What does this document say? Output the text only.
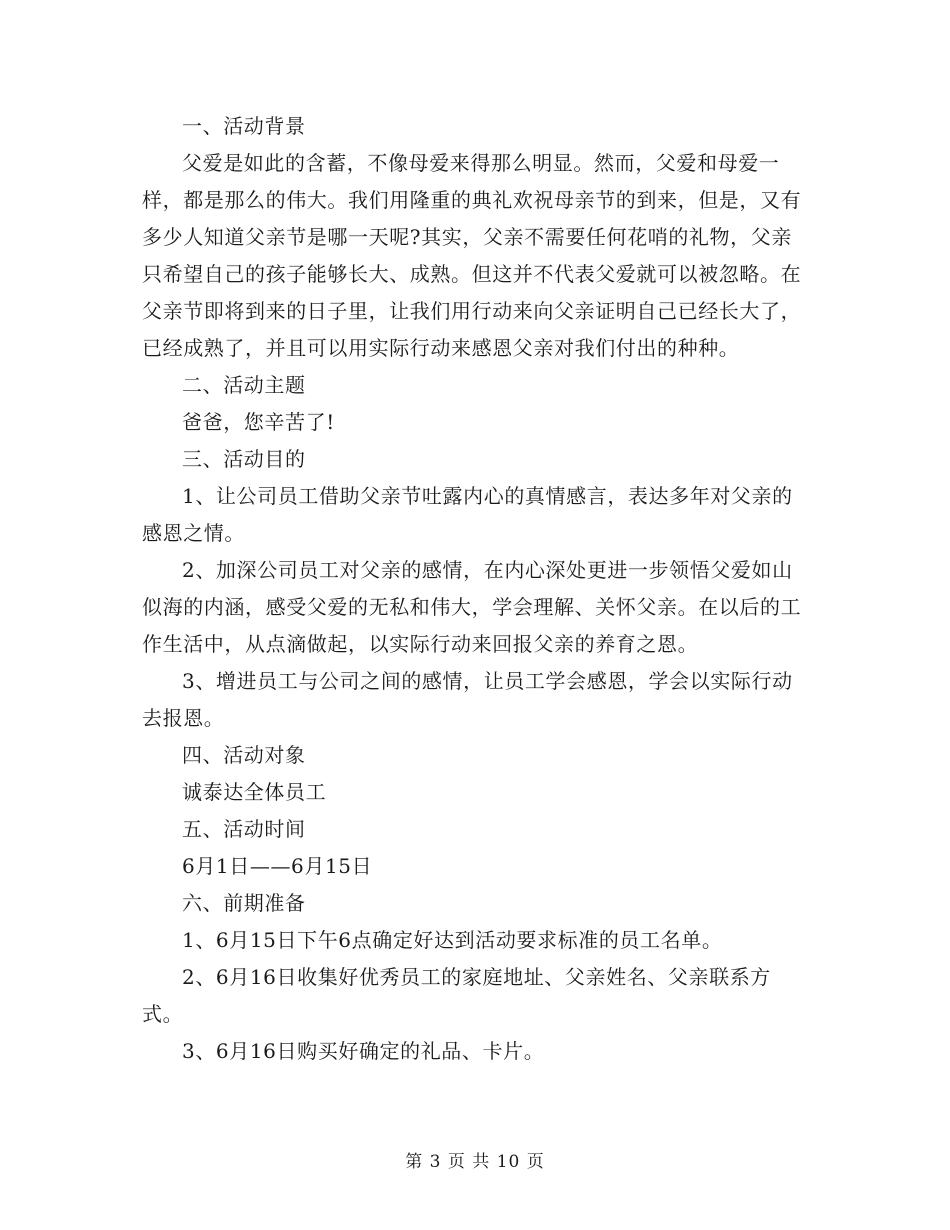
一、活动背景

父爱是如此的含蓄，不像母爱来得那么明显。然而，父爱和母爱一样，都是那么的伟大。我们用隆重的典礼欢祝母亲节的到来，但是，又有多少人知道父亲节是哪一天呢?其实，父亲不需要任何花哨的礼物，父亲只希望自己的孩子能够长大、成熟。但这并不代表父爱就可以被忽略。在父亲节即将到来的日子里，让我们用行动来向父亲证明自己已经长大了，已经成熟了，并且可以用实际行动来感恩父亲对我们付出的种种。

二、活动主题

爸爸，您辛苦了!

三、活动目的

1、让公司员工借助父亲节吐露内心的真情感言，表达多年对父亲的感恩之情。

2、加深公司员工对父亲的感情，在内心深处更进一步领悟父爱如山似海的内涵，感受父爱的无私和伟大，学会理解、关怀父亲。在以后的工作生活中，从点滴做起，以实际行动来回报父亲的养育之恩。

3、增进员工与公司之间的感情，让员工学会感恩，学会以实际行动去报恩。

四、活动对象

诚泰达全体员工

五、活动时间

6月1日——6月15日

六、前期准备

1、6月15日下午6点确定好达到活动要求标准的员工名单。

2、6月16日收集好优秀员工的家庭地址、父亲姓名、父亲联系方式。

3、6月16日购买好确定的礼品、卡片。

第 3 页 共 10 页
